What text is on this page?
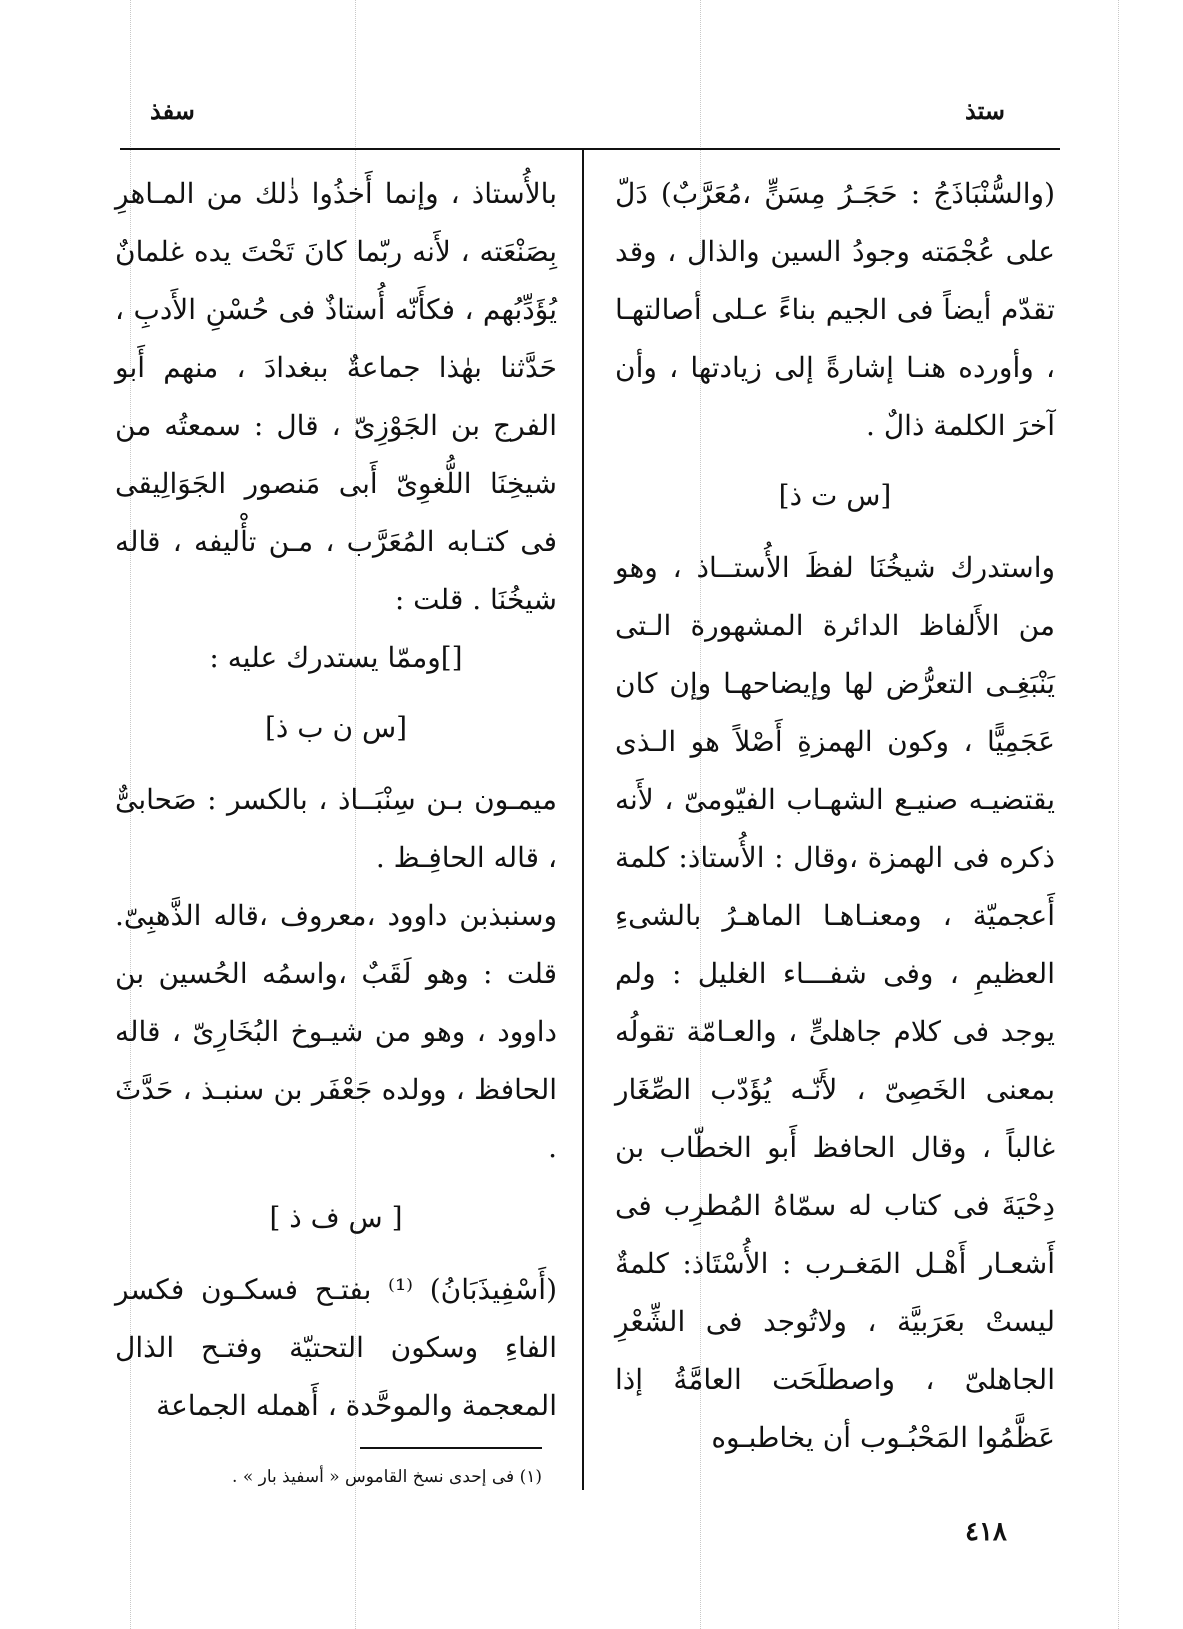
سفذ	ستذ

(والسُّنْبَاذَجُ : حَجَـرُ مِسَنٍّ ،مُعَرَّبٌ) دَلّ على عُجْمَته وجودُ السين والذال ، وقد تقدّم أيضاً فى الجيم بناءً عـلى أصالتهـا ، وأورده هنـا إشارةً إلى زيادتها ، وأن آخرَ الكلمة ذالٌ .

[س ت ذ]

واستدرك شيخُنَا لفظَ الأُستــاذ ، وهو من الأَلفاظ الدائرة المشهورة الـتى يَنْبَغِـى التعرُّض لها وإيضاحهـا وإن كان عَجَمِيًّا ، وكون الهمزةِ أَصْلاً هو الـذى يقتضيـه صنيـع الشهـاب الفيّومىّ ، لأَنه ذكره فى الهمزة ،وقال : الأُستاذ: كلمة أَعجميّة ، ومعنـاهـا الماهـرُ بالشىءِ العظيمِ ، وفى شفـــاء الغليل : ولم يوجد فى كلام جاهلىٍّ ، والعـامّة تقولُه بمعنى الخَصِىّ ، لأَنّـه يُؤَدّب الصِّغَار غالباً ، وقال الحافظ أَبو الخطّاب بن دِحْيَةَ فى كتاب له سمّاهُ المُطرِب فى أَشعـار أَهْـل المَغـرب : الأُسْتَاذ: كلمةٌ ليستْ بعَرَبيَّة ، ولاتُوجد فى الشِّعْرِ الجاهلىّ ، واصطلَحَت العامَّةُ إذا عَظَّمُوا المَحْبُـوب أن يخاطبـوه

بالأُستاذ ، وإنما أَخذُوا ذٰلك من المـاهرِ بِصَنْعَته ، لأَنه ربّما كانَ تَحْتَ يده غلمانٌ يُؤَدِّبُهم ، فكأَنّه أُستاذٌ فى حُسْنِ الأَدبِ ، حَدَّثنا بهٰذا جماعةٌ ببغدادَ ، منهم أَبو الفرج بن الجَوْزِىّ ، قال : سمعتُه من شيخِنَا اللُّغوِىّ أَبى مَنصور الجَوَالِيقى فى كتـابه المُعَرَّب ، مـن تأْليفه ، قاله شيخُنَا . قلت :

[]وممّا يستدرك عليه :

[س ن ب ذ]

ميمـون بـن سِنْبَــاذ ، بالكسر : صَحابىٌّ ، قاله الحافِـظ .

وسنبذبن داوود ،معروف ،قاله الذَّهبِىّ. قلت : وهو لَقَبٌ ،واسمُه الحُسين بن داوود ، وهو من شيـوخ البُخَارِىّ ، قاله الحافظ ، وولده جَعْفَر بن سنبـذ ، حَدَّثَ .

[ س ف ذ ]

(أَسْفِيذَبَانُ) ⁽¹⁾ بفتـح فسكـون فكسر الفاءِ وسكون التحتيّة وفتـح الذال المعجمة والموحَّدة ، أَهمله الجماعة

(١) فى إحدى نسخ القاموس « أسفيذ بار » .
٤١٨
